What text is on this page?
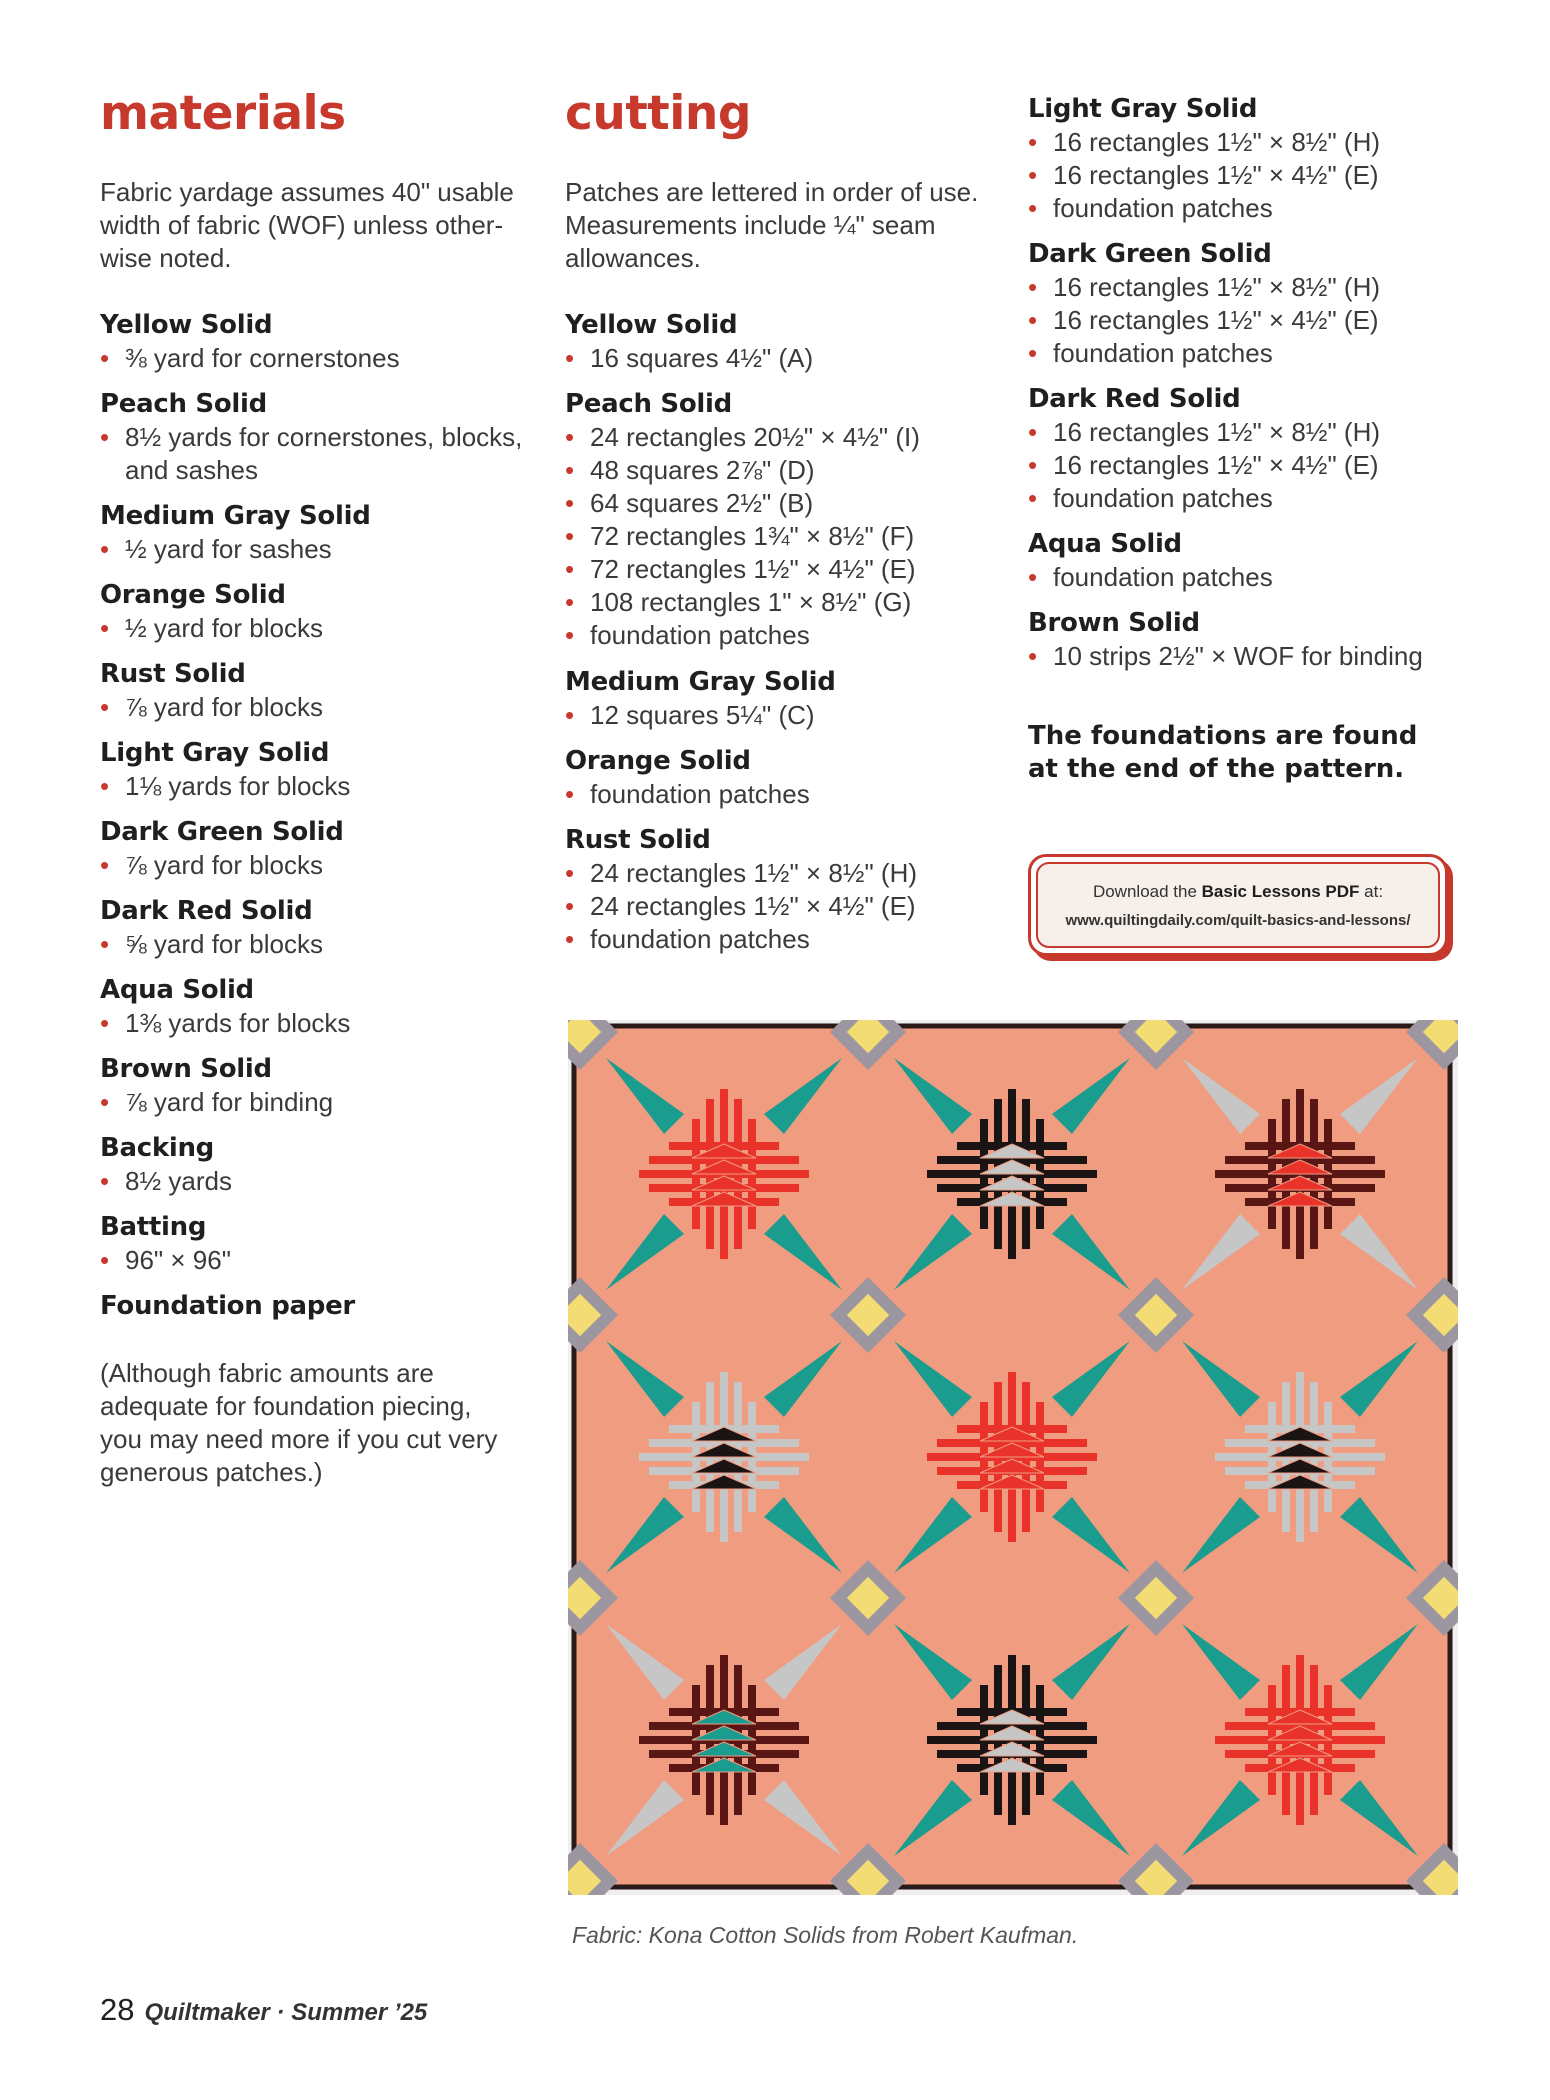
materials

Fabric yardage assumes 40" usable width of fabric (WOF) unless other-wise noted.

Yellow Solid
• ⅜ yard for cornerstones
Peach Solid
• 8½ yards for cornerstones, blocks, and sashes
Medium Gray Solid
• ½ yard for sashes
Orange Solid
• ½ yard for blocks
Rust Solid
• ⅞ yard for blocks
Light Gray Solid
• 1⅛ yards for blocks
Dark Green Solid
• ⅞ yard for blocks
Dark Red Solid
• ⅝ yard for blocks
Aqua Solid
• 1⅜ yards for blocks
Brown Solid
• ⅞ yard for binding
Backing
• 8½ yards
Batting
• 96" × 96"
Foundation paper

(Although fabric amounts are adequate for foundation piecing, you may need more if you cut very generous patches.)

cutting

Patches are lettered in order of use. Measurements include ¼" seam allowances.

Yellow Solid
• 16 squares 4½" (A)
Peach Solid
• 24 rectangles 20½" × 4½" (I)
• 48 squares 2⅞" (D)
• 64 squares 2½" (B)
• 72 rectangles 1¾" × 8½" (F)
• 72 rectangles 1½" × 4½" (E)
• 108 rectangles 1" × 8½" (G)
• foundation patches
Medium Gray Solid
• 12 squares 5¼" (C)
Orange Solid
• foundation patches
Rust Solid
• 24 rectangles 1½" × 8½" (H)
• 24 rectangles 1½" × 4½" (E)
• foundation patches
Light Gray Solid
• 16 rectangles 1½" × 8½" (H)
• 16 rectangles 1½" × 4½" (E)
• foundation patches
Dark Green Solid
• 16 rectangles 1½" × 8½" (H)
• 16 rectangles 1½" × 4½" (E)
• foundation patches
Dark Red Solid
• 16 rectangles 1½" × 8½" (H)
• 16 rectangles 1½" × 4½" (E)
• foundation patches
Aqua Solid
• foundation patches
Brown Solid
• 10 strips 2½" × WOF for binding

The foundations are found at the end of the pattern.

Download the Basic Lessons PDF at:
www.quiltingdaily.com/quilt-basics-and-lessons/

Fabric: Kona Cotton Solids from Robert Kaufman.

28 Quiltmaker · Summer ’25
